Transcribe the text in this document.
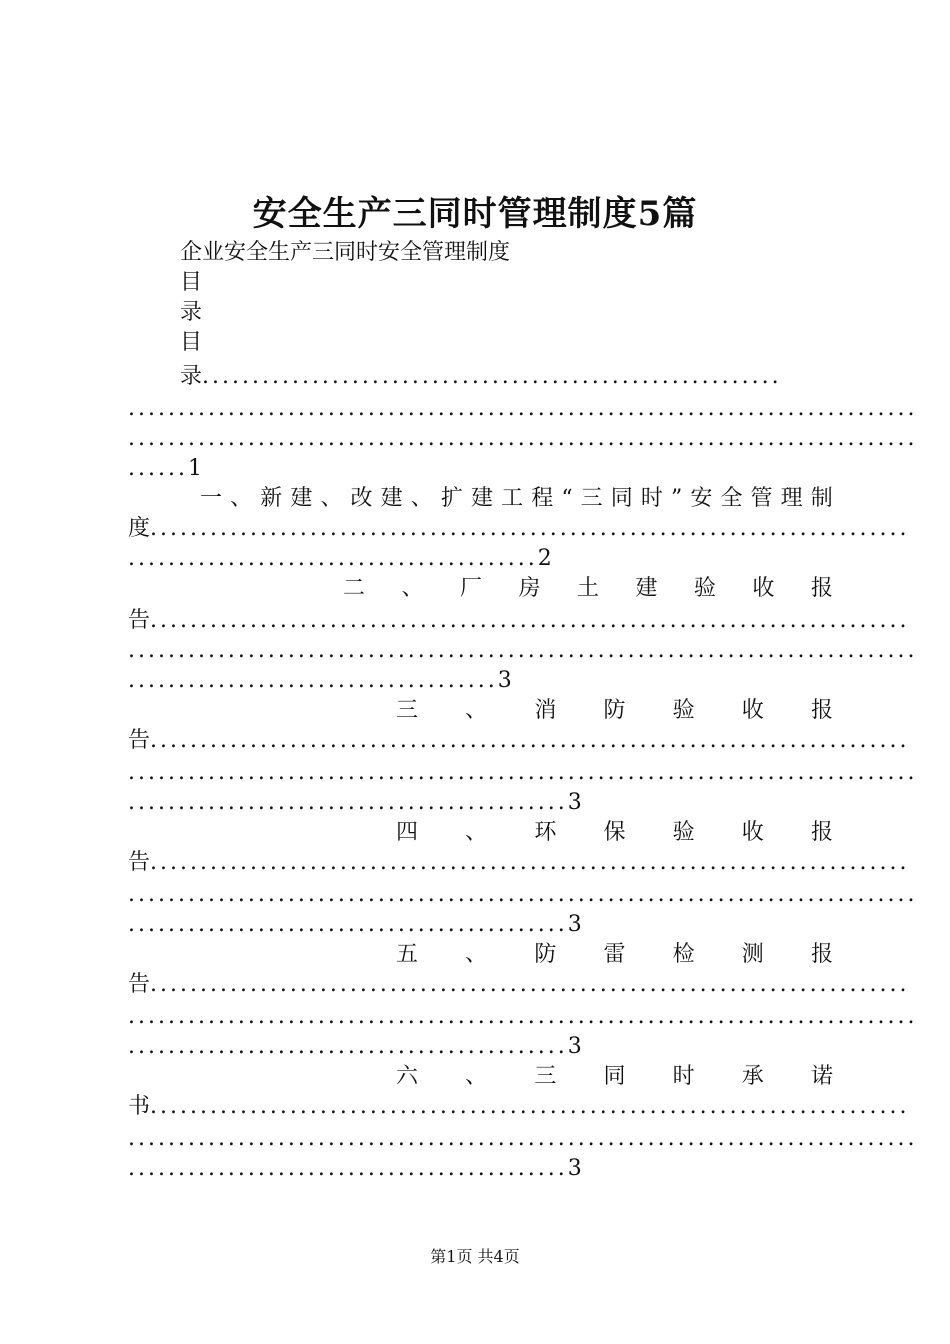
安全生产三同时管理制度5篇
企业安全生产三同时安全管理制度
目
录
目
录..........................................................
...............................................................................
...............................................................................
......1
一 、 新 建 、 改 建 、 扩 建 工 程 “ 三 同 时 ” 安 全 管 理 制
度............................................................................
.........................................2
二 、 厂 房 土 建 验 收 报
告............................................................................
...............................................................................
.....................................3
三 、 消 防 验 收 报
告............................................................................
...............................................................................
............................................3
四 、 环 保 验 收 报
告............................................................................
...............................................................................
............................................3
五 、 防 雷 检 测 报
告............................................................................
...............................................................................
............................................3
六 、 三 同 时 承 诺
书............................................................................
...............................................................................
............................................3
第1页 共4页
